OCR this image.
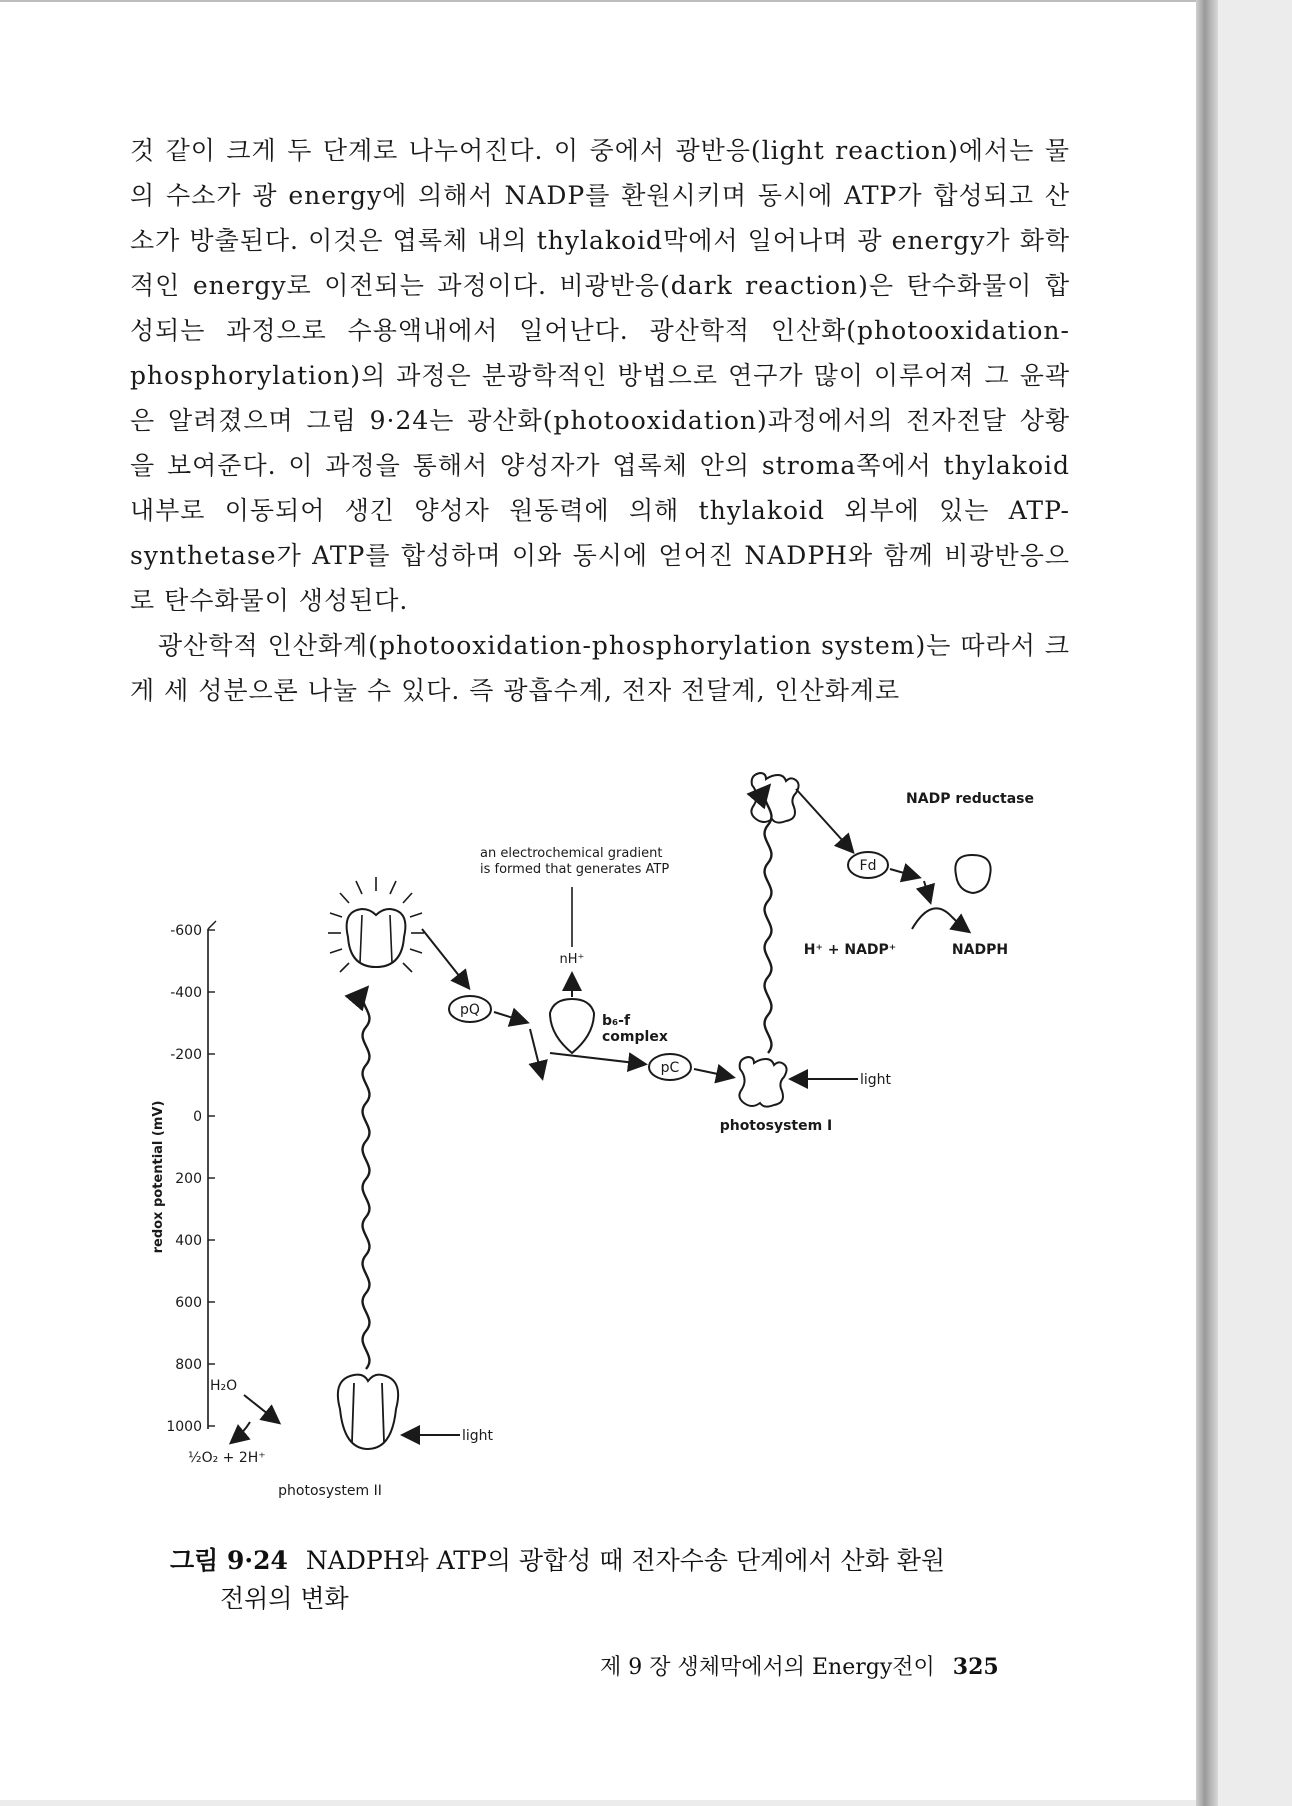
것 같이 크게 두 단계로 나누어진다. 이 중에서 광반응(light reaction)에서는 물의 수소가 광 energy에 의해서 NADP를 환원시키며 동시에 ATP가 합성되고 산소가 방출된다. 이것은 엽록체 내의 thylakoid막에서 일어나며 광 energy가 화학적인 energy로 이전되는 과정이다. 비광반응(dark reaction)은 탄수화물이 합성되는 과정으로 수용액내에서 일어난다. 광산학적 인산화(photooxidation-phosphorylation)의 과정은 분광학적인 방법으로 연구가 많이 이루어져 그 윤곽은 알려졌으며 그림 9·24는 광산화(photooxidation)과정에서의 전자전달 상황을 보여준다. 이 과정을 통해서 양성자가 엽록체 안의 stroma쪽에서 thylakoid 내부로 이동되어 생긴 양성자 원동력에 의해 thylakoid 외부에 있는 ATP-synthetase가 ATP를 합성하며 이와 동시에 얻어진 NADPH와 함께 비광반응으로 탄수화물이 생성된다.

광산학적 인산화계(photooxidation-phosphorylation system)는 따라서 크게 세 성분으론 나눌 수 있다. 즉 광흡수계, 전자 전달계, 인산화계로

-600
-400
-200
0
200
400
600
800
1000
redox potential (mV)
light
photosystem II
H₂O
½O₂ + 2H⁺
pQ
b₆-f
complex
nH⁺
an electrochemical gradient
is formed that generates ATP
pC
light
photosystem I
Fd
NADP reductase
H⁺ + NADP⁺	NADPH
그림 9·24 NADPH와 ATP의 광합성 때 전자수송 단계에서 산화 환원
전위의 변화
제 9 장 생체막에서의 Energy전이 325
